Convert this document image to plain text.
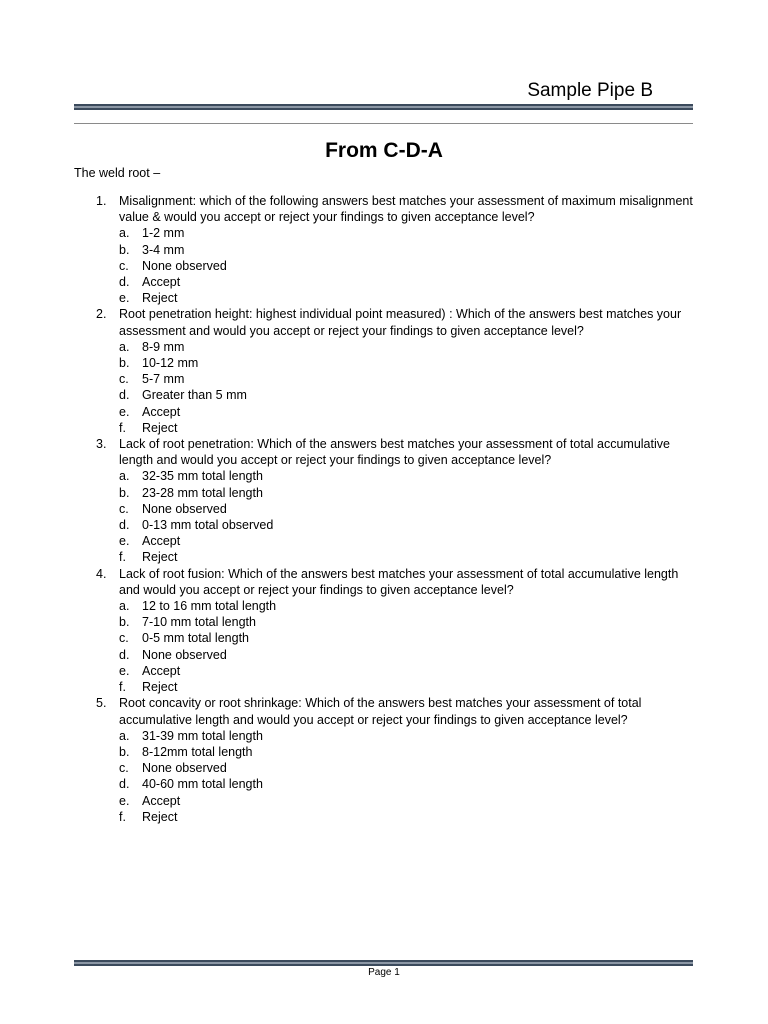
Sample Pipe B
From C-D-A
The weld root –
1. Misalignment: which of the following answers best matches your assessment of maximum misalignment value & would you accept or reject your findings to given acceptance level?
a. 1-2 mm
b. 3-4 mm
c. None observed
d. Accept
e. Reject
2. Root penetration height: highest individual point measured) : Which of the answers best matches your assessment and would you accept or reject your findings to given acceptance level?
a. 8-9 mm
b. 10-12 mm
c. 5-7 mm
d. Greater than 5 mm
e. Accept
f. Reject
3. Lack of root penetration: Which of the answers best matches your assessment of total accumulative length and would you accept or reject your findings to given acceptance level?
a. 32-35 mm total length
b. 23-28 mm total length
c. None observed
d. 0-13 mm total observed
e. Accept
f. Reject
4. Lack of root fusion: Which of the answers best matches your assessment of total accumulative length and would you accept or reject your findings to given acceptance level?
a. 12 to 16 mm total length
b. 7-10 mm total length
c. 0-5 mm total length
d. None observed
e. Accept
f. Reject
5. Root concavity or root shrinkage: Which of the answers best matches your assessment of total accumulative length and would you accept or reject your findings to given acceptance level?
a. 31-39 mm total length
b. 8-12mm total length
c. None observed
d. 40-60 mm total length
e. Accept
f. Reject
Page 1
